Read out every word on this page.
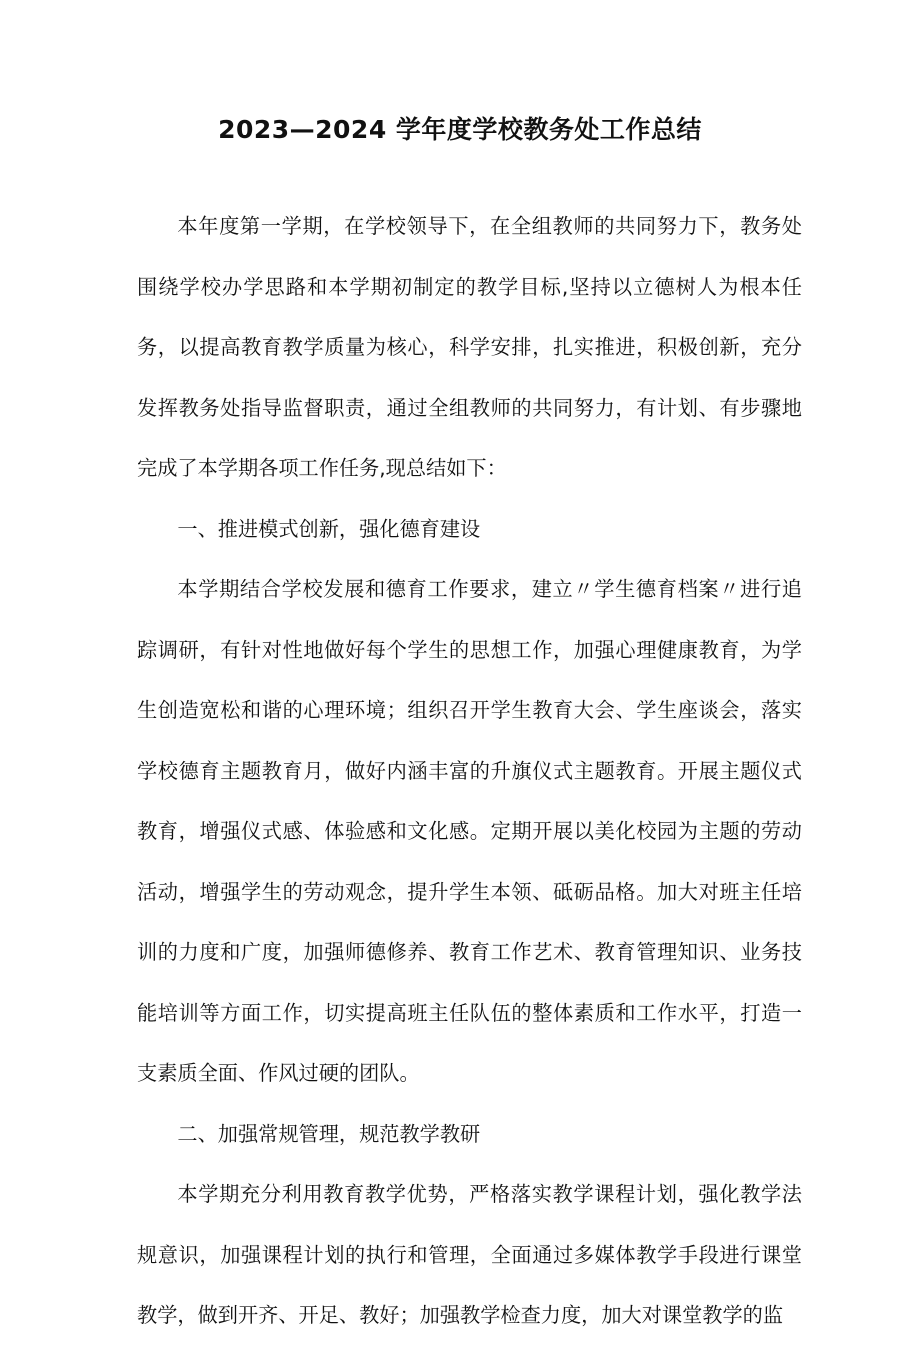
2023—2024 学年度学校教务处工作总结

本年度第一学期，在学校领导下，在全组教师的共同努力下，教务处围绕学校办学思路和本学期初制定的教学目标,坚持以立德树人为根本任务，以提高教育教学质量为核心，科学安排，扎实推进，积极创新，充分发挥教务处指导监督职责，通过全组教师的共同努力，有计划、有步骤地完成了本学期各项工作任务,现总结如下：

一、推进模式创新，强化德育建设

本学期结合学校发展和德育工作要求，建立〃学生德育档案〃进行追踪调研，有针对性地做好每个学生的思想工作，加强心理健康教育，为学生创造宽松和谐的心理环境；组织召开学生教育大会、学生座谈会，落实学校德育主题教育月，做好内涵丰富的升旗仪式主题教育。开展主题仪式教育，增强仪式感、体验感和文化感。定期开展以美化校园为主题的劳动活动，增强学生的劳动观念，提升学生本领、砥砺品格。加大对班主任培训的力度和广度，加强师德修养、教育工作艺术、教育管理知识、业务技能培训等方面工作，切实提高班主任队伍的整体素质和工作水平，打造一支素质全面、作风过硬的团队。

二、加强常规管理，规范教学教研

本学期充分利用教育教学优势，严格落实教学课程计划，强化教学法规意识，加强课程计划的执行和管理，全面通过多媒体教学手段进行课堂教学，做到开齐、开足、教好；加强教学检查力度，加大对课堂教学的监
